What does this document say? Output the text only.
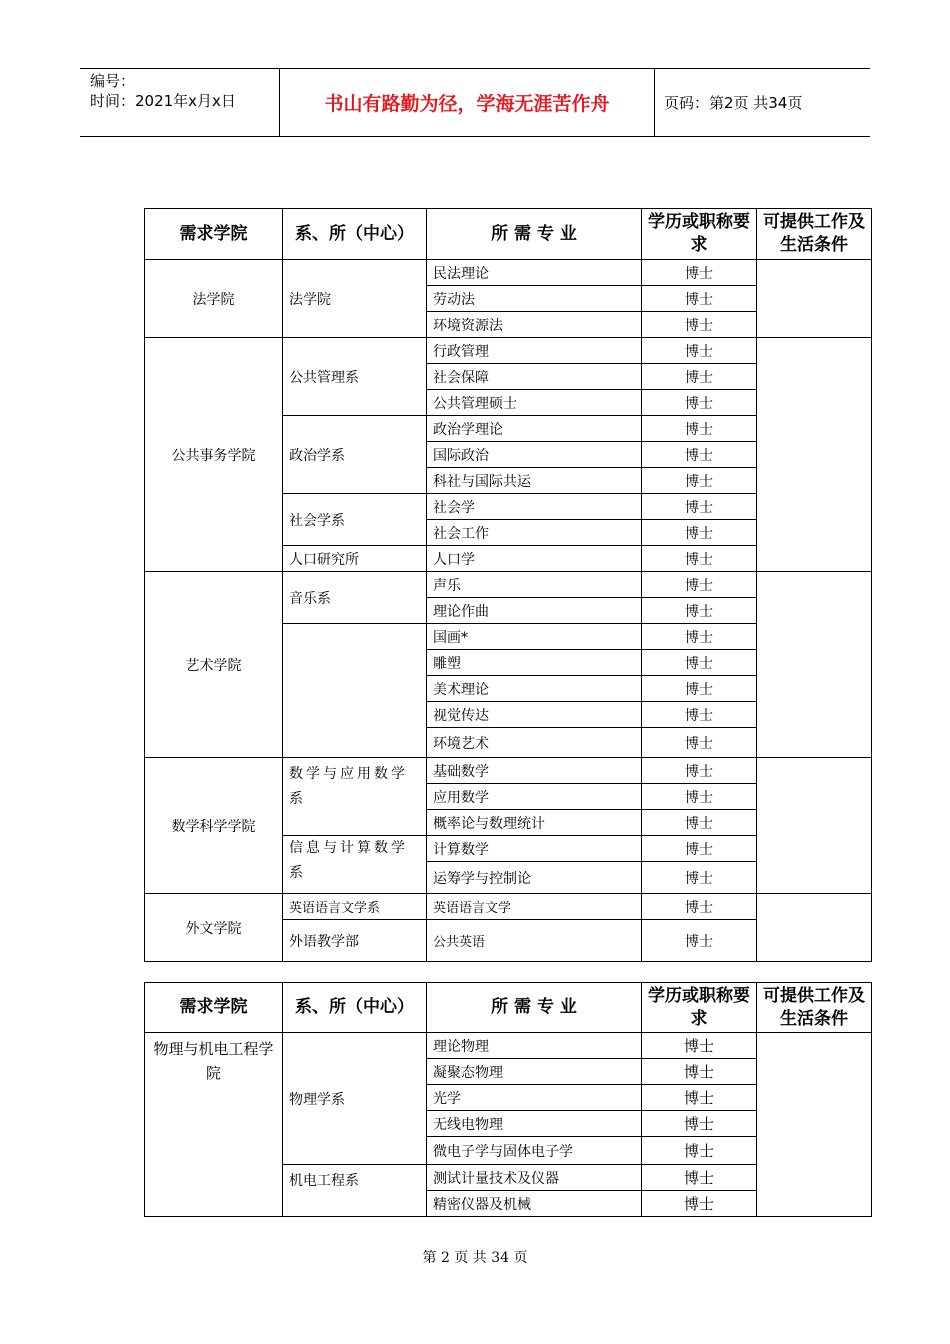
编号：
时间：2021年x月x日	书山有路勤为径，学海无涯苦作舟	页码：第2页 共34页
需求学院	系、所（中心）	所 需 专 业	学历或职称要求	可提供工作及生活条件
法学院	法学院	民法理论	博士	
		劳动法	博士	
		环境资源法	博士	
公共事务学院	公共管理系	行政管理	博士	
		社会保障	博士	
		公共管理硕士	博士	
	政治学系	政治学理论	博士	
		国际政治	博士	
		科社与国际共运	博士	
	社会学系	社会学	博士	
		社会工作	博士	
	人口研究所	人口学	博士	
艺术学院	音乐系	声乐	博士	
		理论作曲	博士	
		国画*	博士	
		雕塑	博士	
		美术理论	博士	
		视觉传达	博士	
		环境艺术	博士	
数学科学学院	数学与应用数学系	基础数学	博士	
		应用数学	博士	
		概率论与数理统计	博士	
	信息与计算数学系	计算数学	博士	
		运筹学与控制论	博士	
外文学院	英语语言文学系	英语语言文学	博士	
	外语教学部	公共英语	博士	
需求学院	系、所（中心）	所 需 专 业	学历或职称要求	可提供工作及生活条件
物理与机电工程学院	物理学系	理论物理	博士	
		凝聚态物理	博士	
		光学	博士	
		无线电物理	博士	
		微电子学与固体电子学	博士	
	机电工程系	测试计量技术及仪器	博士	
		精密仪器及机械	博士	
第 2 页 共 34 页
